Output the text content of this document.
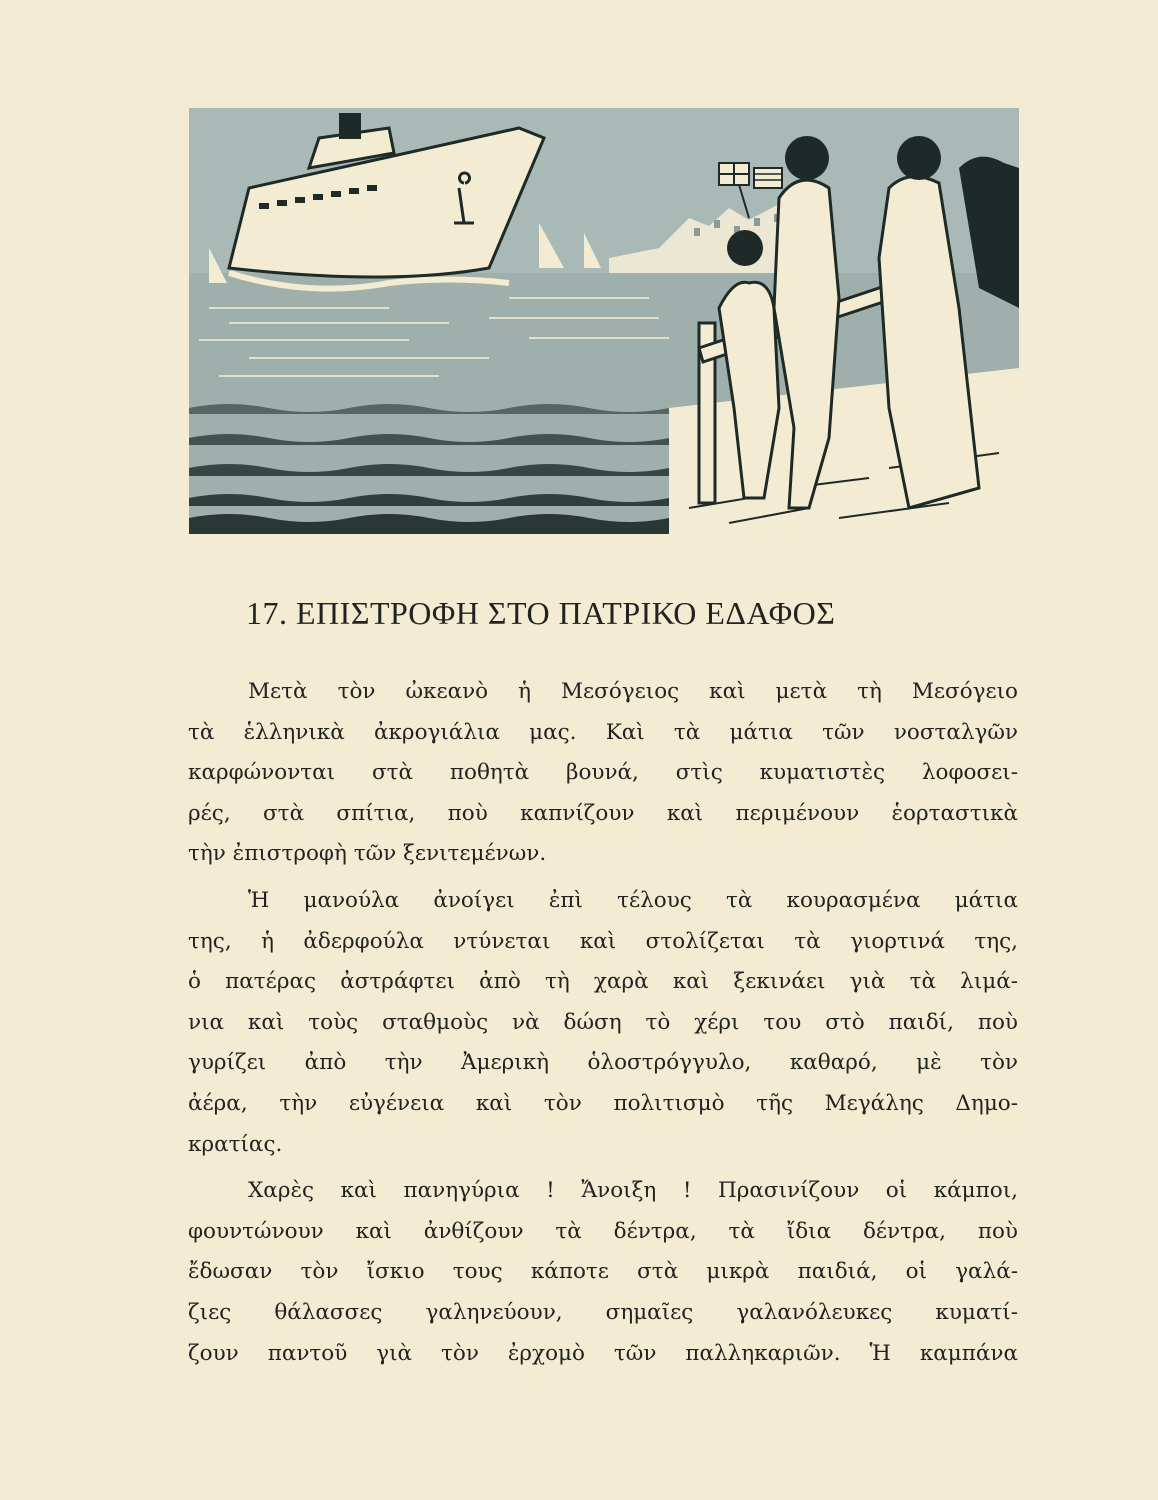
17. ΕΠΙΣΤΡΟΦΗ ΣΤΟ ΠΑΤΡΙΚΟ ΕΔΑΦΟΣ
Μετὰ τὸν ὠκεανὸ ἡ Μεσόγειος καὶ μετὰ τὴ Μεσόγειο
τὰ ἑλληνικὰ ἀκρογιάλια μας. Καὶ τὰ μάτια τῶν νοσταλγῶν
καρφώνονται στὰ ποθητὰ βουνά, στὶς κυματιστὲς λοφοσει-
ρές, στὰ σπίτια, ποὺ καπνίζουν καὶ περιμένουν ἑορταστικὰ
τὴν ἐπιστροφὴ τῶν ξενιτεμένων.
Ἡ μανούλα ἀνοίγει ἐπὶ τέλους τὰ κουρασμένα μάτια
της, ἡ ἀδερφούλα ντύνεται καὶ στολίζεται τὰ γιορτινά της,
ὁ πατέρας ἀστράφτει ἀπὸ τὴ χαρὰ καὶ ξεκινάει γιὰ τὰ λιμά-
νια καὶ τοὺς σταθμοὺς νὰ δώση τὸ χέρι του στὸ παιδί, ποὺ
γυρίζει ἀπὸ τὴν Ἀμερικὴ ὁλοστρόγγυλο, καθαρό, μὲ τὸν
ἀέρα, τὴν εὐγένεια καὶ τὸν πολιτισμὸ τῆς Μεγάλης Δημο-
κρατίας.
Χαρὲς καὶ πανηγύρια ! Ἄνοιξη ! Πρασινίζουν οἱ κάμποι,
φουντώνουν καὶ ἀνθίζουν τὰ δέντρα, τὰ ἴδια δέντρα, ποὺ
ἔδωσαν τὸν ἴσκιο τους κάποτε στὰ μικρὰ παιδιά, οἱ γαλά-
ζιες θάλασσες γαληνεύουν, σημαῖες γαλανόλευκες κυματί-
ζουν παντοῦ γιὰ τὸν ἐρχομὸ τῶν παλληκαριῶν. Ἡ καμπάνα
